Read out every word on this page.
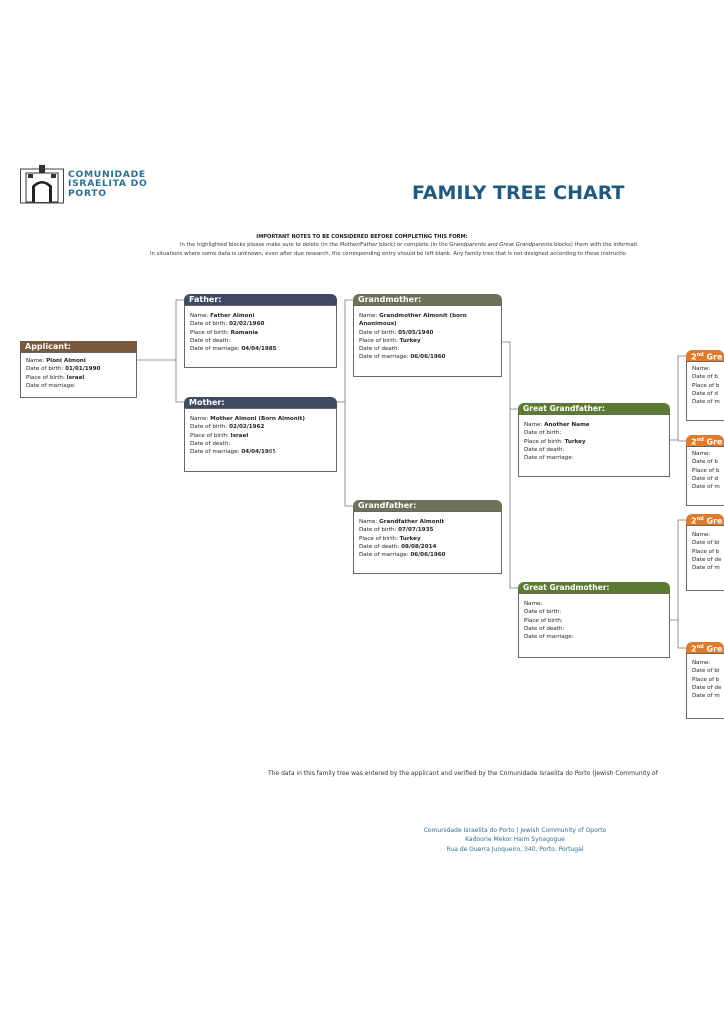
COMUNIDADE
ISRAELITA DO
PORTO	FAMILY TREE CHART
IMPORTANT NOTES TO BE CONSIDERED BEFORE COMPLETING THIS FORM:
In the highlighted blocks please make sure to delete (in the Mother/Father block) or complete (in the Grandparents and Great Grandparents blocks) them with the informati
In situations where some data is unknown, even after due research, the corresponding entry should be left blank. Any family tree that is not designed according to these instructio
Applicant:
Name: Ploni Almoni
Date of birth: 01/01/1990
Place of birth: Israel
Date of marriage:
Father:
Name: Father Almoni
Date of birth: 02/02/1960
Place of birth: Romania
Date of death:
Date of marriage: 04/04/1985
Mother:
Name: Mother Almoni (Born Almonit)
Date of birth: 02/02/1962
Place of birth: Israel
Date of death:
Date of marriage: 04/04/1985
Grandmother:
Name: Grandmother Almonit (born
Anonimous)
Date of birth: 05/05/1940
Place of birth: Turkey
Date of death:
Date of marriage: 06/06/1960
Grandfather:
Name: Grandfather Almonit
Date of birth: 07/07/1935
Place of birth: Turkey
Date of death: 08/08/2014
Date of marriage: 06/06/1960
Great Grandfather:
Name: Another Name
Date of birth:
Place of birth: Turkey
Date of death:
Date of marriage:
Great Grandmother:
Name:
Date of birth:
Place of birth:
Date of death:
Date of marriage:
2nd Gre
Name:
Date of b
Place of b
Date of d
Date of m
2nd Gre
Name:
Date of b
Place of b
Date of d
Date of m
2nd Gre
Name:
Date of bi
Place of b
Date of de
Date of m
2nd Gre
Name:
Date of bi
Place of b
Date of de
Date of m
The data in this family tree was entered by the applicant and verified by the Comunidade Israelita do Porto (Jewish Community of
Comunidade Israelita do Porto | Jewish Community of Oporto
Kadoorie Mekor Haim Synagogue
Rua de Guerra Junqueiro, 340, Porto, Portugal
